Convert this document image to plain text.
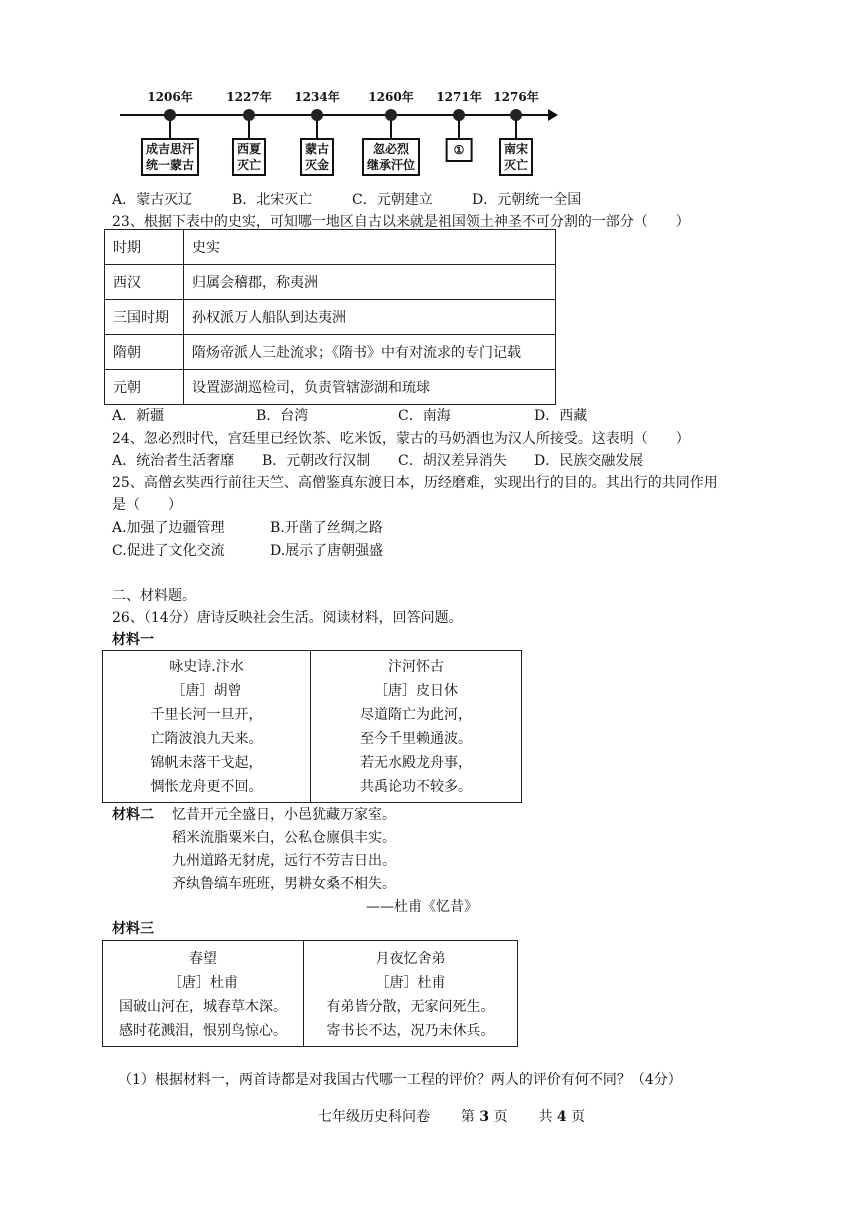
1206年
成吉思汗
统一蒙古
1227年
西夏
灭亡
1234年
蒙古
灭金
1260年
忽必烈
继承汗位
1271年
①
1276年
南宋
灭亡
A．蒙古灭辽	B．北宋灭亡	C．元朝建立	D．元朝统一全国
23、根据下表中的史实，可知哪一地区自古以来就是祖国领土神圣不可分割的一部分（　　）
时期	史实
西汉	归属会稽郡，称夷洲
三国时期	孙权派万人船队到达夷洲
隋朝	隋炀帝派人三赴流求；《隋书》中有对流求的专门记载
元朝	设置澎湖巡检司，负责管辖澎湖和琉球
A．新疆	B．台湾	C．南海	D．西藏
24、忽必烈时代，宫廷里已经饮茶、吃米饭，蒙古的马奶酒也为汉人所接受。这表明（　　）
A．统治者生活奢靡 B．元朝改行汉制 C．胡汉差异消失 D．民族交融发展
25、高僧玄奘西行前往天竺、高僧鉴真东渡日本，历经磨难，实现出行的目的。其出行的共同作用
是（　　）
A.加强了边疆管理	B.开凿了丝绸之路
C.促进了文化交流	D.展示了唐朝强盛
二、材料题。
26、（14分）唐诗反映社会生活。阅读材料，回答问题。
材料一
咏史诗.汴水
［唐］胡曾
千里长河一旦开，
亡隋波浪九天来。
锦帆未落干戈起，
惆怅龙舟更不回。

汴河怀古
［唐］皮日休
尽道隋亡为此河，
至今千里赖通波。
若无水殿龙舟事，
共禹论功不较多。
材料二 忆昔开元全盛日，小邑犹藏万家室。
稻米流脂粟米白，公私仓廪俱丰实。
九州道路无豺虎，远行不劳吉日出。
齐纨鲁缟车班班，男耕女桑不相失。
——杜甫《忆昔》
材料三
春望
［唐］杜甫
国破山河在，城春草木深。
感时花溅泪，恨别鸟惊心。

月夜忆舍弟
［唐］杜甫
有弟皆分散，无家问死生。
寄书长不达，况乃未休兵。
（1）根据材料一，两首诗都是对我国古代哪一工程的评价？两人的评价有何不同？（4分）
七年级历史科问卷 第 3 页 共 4 页
